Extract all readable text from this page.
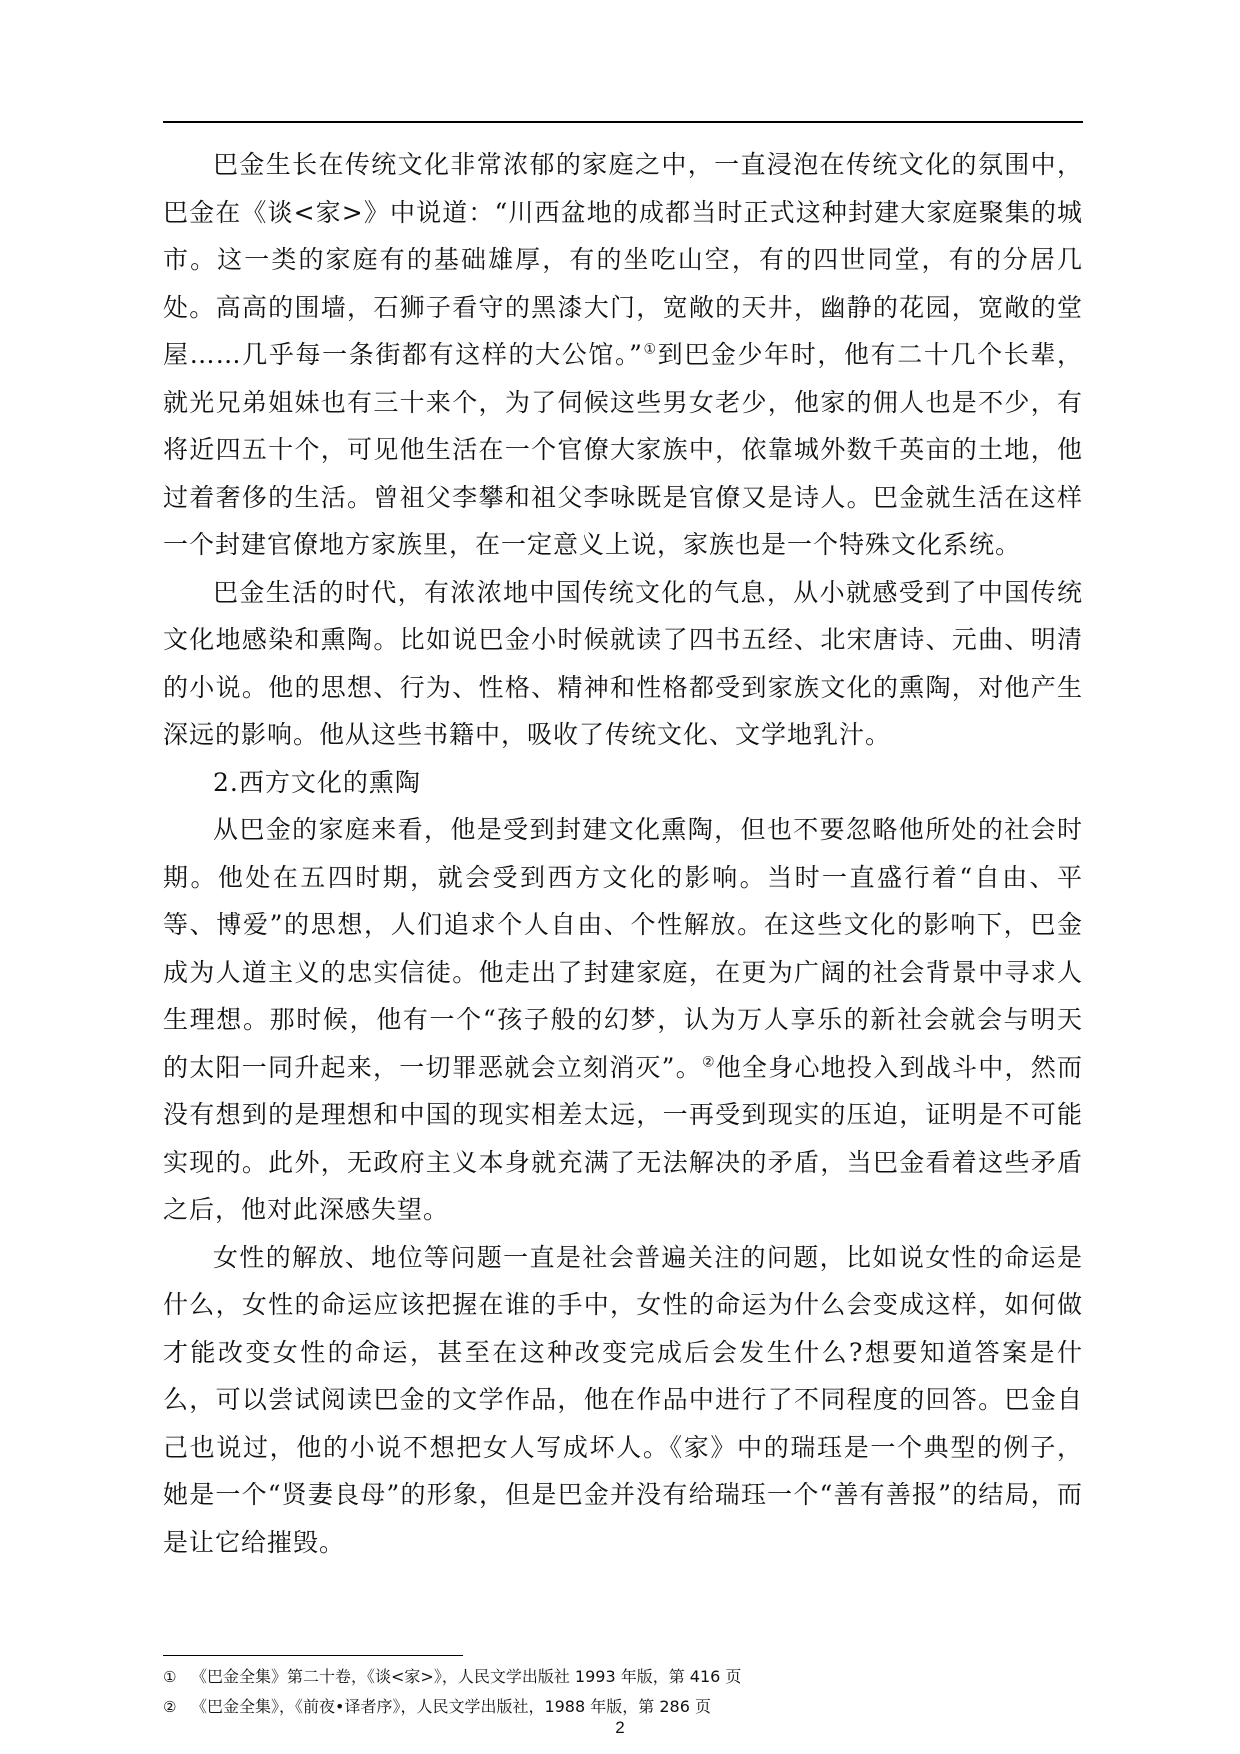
巴金生长在传统文化非常浓郁的家庭之中，一直浸泡在传统文化的氛围中，巴金在《谈<家>》中说道：“川西盆地的成都当时正式这种封建大家庭聚集的城市。这一类的家庭有的基础雄厚，有的坐吃山空，有的四世同堂，有的分居几处。高高的围墙，石狮子看守的黑漆大门，宽敞的天井，幽静的花园，宽敞的堂屋……几乎每一条街都有这样的大公馆。”①到巴金少年时，他有二十几个长辈，就光兄弟姐妹也有三十来个，为了伺候这些男女老少，他家的佣人也是不少，有将近四五十个，可见他生活在一个官僚大家族中，依靠城外数千英亩的土地，他过着奢侈的生活。曾祖父李攀和祖父李咏既是官僚又是诗人。巴金就生活在这样一个封建官僚地方家族里，在一定意义上说，家族也是一个特殊文化系统。

巴金生活的时代，有浓浓地中国传统文化的气息，从小就感受到了中国传统文化地感染和熏陶。比如说巴金小时候就读了四书五经、北宋唐诗、元曲、明清的小说。他的思想、行为、性格、精神和性格都受到家族文化的熏陶，对他产生深远的影响。他从这些书籍中，吸收了传统文化、文学地乳汁。

2.西方文化的熏陶

从巴金的家庭来看，他是受到封建文化熏陶，但也不要忽略他所处的社会时期。他处在五四时期，就会受到西方文化的影响。当时一直盛行着“自由、平等、博爱”的思想，人们追求个人自由、个性解放。在这些文化的影响下，巴金成为人道主义的忠实信徒。他走出了封建家庭，在更为广阔的社会背景中寻求人生理想。那时候，他有一个“孩子般的幻梦，认为万人享乐的新社会就会与明天的太阳一同升起来，一切罪恶就会立刻消灭”。②他全身心地投入到战斗中，然而没有想到的是理想和中国的现实相差太远，一再受到现实的压迫，证明是不可能实现的。此外，无政府主义本身就充满了无法解决的矛盾，当巴金看着这些矛盾之后，他对此深感失望。

女性的解放、地位等问题一直是社会普遍关注的问题，比如说女性的命运是什么，女性的命运应该把握在谁的手中，女性的命运为什么会变成这样，如何做才能改变女性的命运，甚至在这种改变完成后会发生什么?想要知道答案是什么，可以尝试阅读巴金的文学作品，他在作品中进行了不同程度的回答。巴金自己也说过，他的小说不想把女人写成坏人。《家》中的瑞珏是一个典型的例子，她是一个“贤妻良母”的形象，但是巴金并没有给瑞珏一个“善有善报”的结局，而是让它给摧毁。

① 《巴金全集》第二十卷，《谈<家>》，人民文学出版社 1993 年版，第 416 页

② 《巴金全集》，《前夜•译者序》，人民文学出版社，1988 年版，第 286 页

2
